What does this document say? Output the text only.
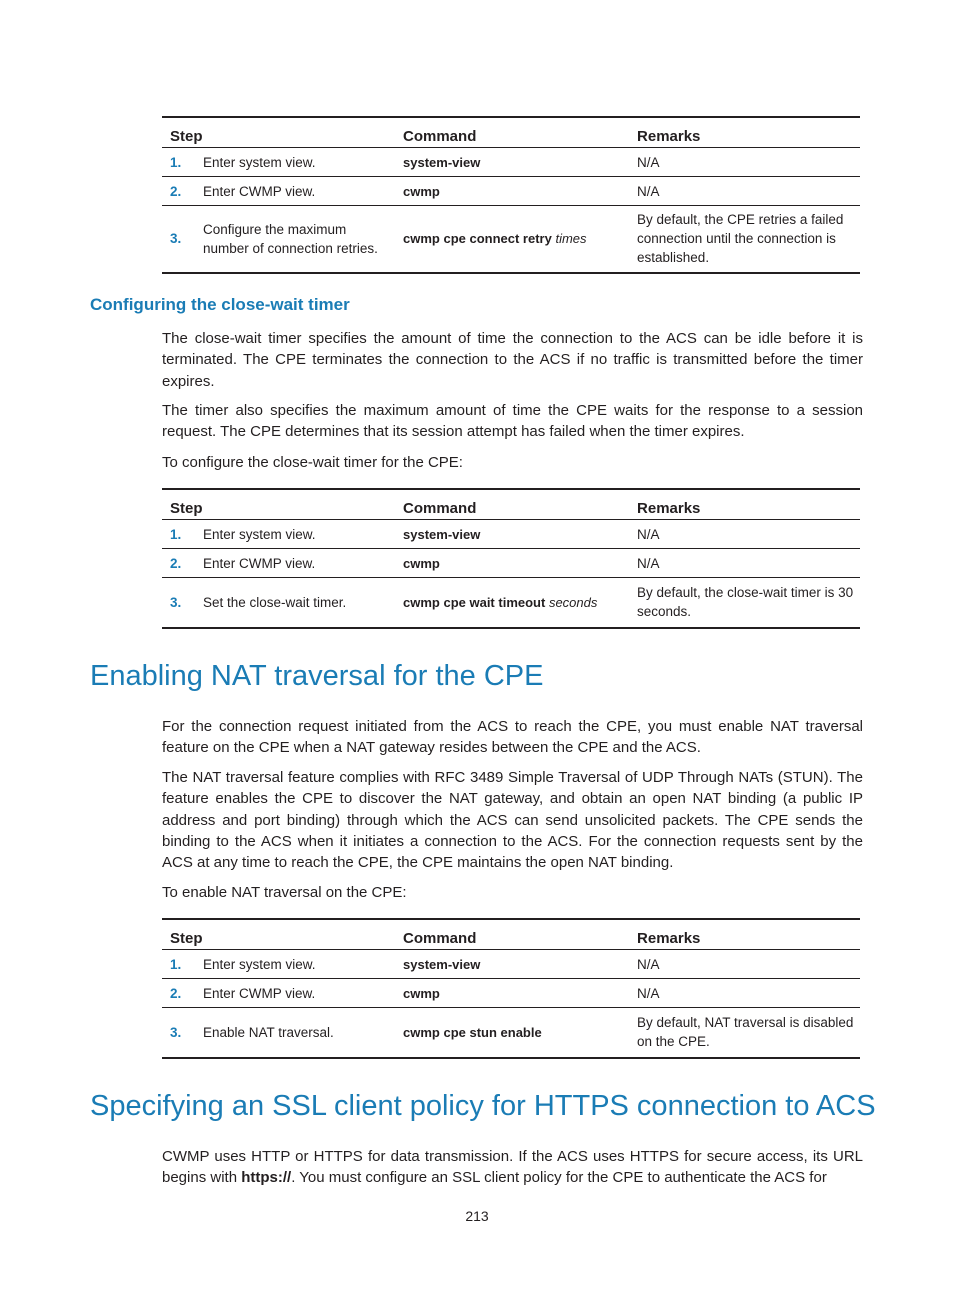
Step		Command	Remarks
1.	Enter system view.	system-view	N/A
2.	Enter CWMP view.	cwmp	N/A
3.	Configure the maximum number of connection retries.	cwmp cpe connect retry times	By default, the CPE retries a failed connection until the connection is established.
Configuring the close-wait timer

The close-wait timer specifies the amount of time the connection to the ACS can be idle before it is terminated. The CPE terminates the connection to the ACS if no traffic is transmitted before the timer expires.

The timer also specifies the maximum amount of time the CPE waits for the response to a session request. The CPE determines that its session attempt has failed when the timer expires.

To configure the close-wait timer for the CPE:

Step		Command	Remarks
1.	Enter system view.	system-view	N/A
2.	Enter CWMP view.	cwmp	N/A
3.	Set the close-wait timer.	cwmp cpe wait timeout seconds	By default, the close-wait timer is 30 seconds.
Enabling NAT traversal for the CPE

For the connection request initiated from the ACS to reach the CPE, you must enable NAT traversal feature on the CPE when a NAT gateway resides between the CPE and the ACS.

The NAT traversal feature complies with RFC 3489 Simple Traversal of UDP Through NATs (STUN). The feature enables the CPE to discover the NAT gateway, and obtain an open NAT binding (a public IP address and port binding) through which the ACS can send unsolicited packets. The CPE sends the binding to the ACS when it initiates a connection to the ACS. For the connection requests sent by the ACS at any time to reach the CPE, the CPE maintains the open NAT binding.

To enable NAT traversal on the CPE:

Step		Command	Remarks
1.	Enter system view.	system-view	N/A
2.	Enter CWMP view.	cwmp	N/A
3.	Enable NAT traversal.	cwmp cpe stun enable	By default, NAT traversal is disabled on the CPE.
Specifying an SSL client policy for HTTPS connection to ACS

CWMP uses HTTP or HTTPS for data transmission. If the ACS uses HTTPS for secure access, its URL begins with https://. You must configure an SSL client policy for the CPE to authenticate the ACS for

213
